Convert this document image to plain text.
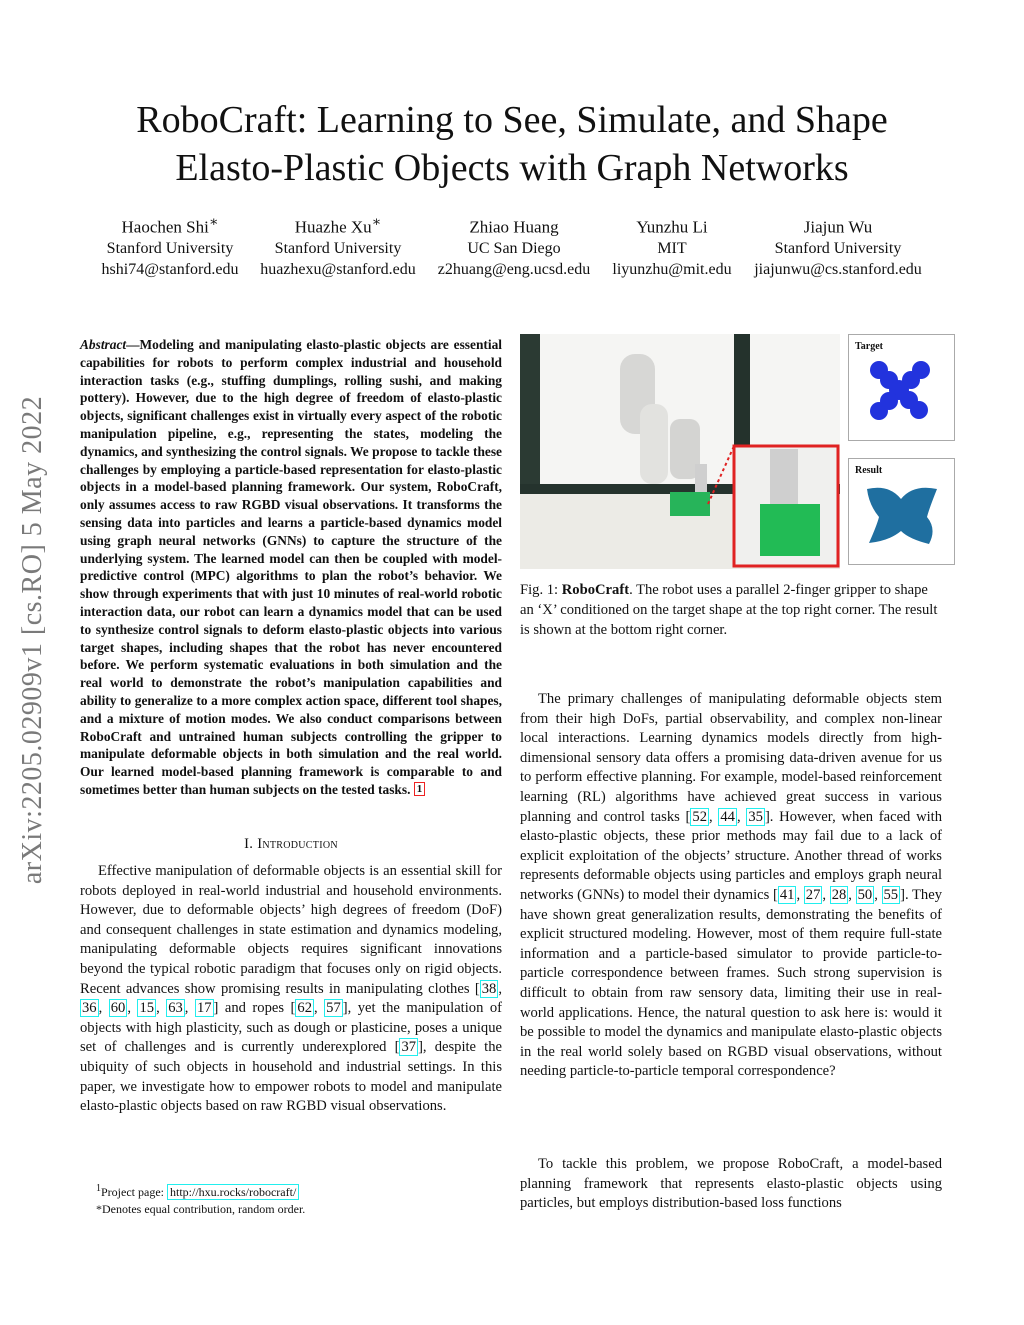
RoboCraft: Learning to See, Simulate, and Shape
Elasto-Plastic Objects with Graph Networks
Haochen Shi∗
Stanford University
hshi74@stanford.edu
Huazhe Xu∗
Stanford University
huazhexu@stanford.edu
Zhiao Huang
UC San Diego
z2huang@eng.ucsd.edu
Yunzhu Li
MIT
liyunzhu@mit.edu
Jiajun Wu
Stanford University
jiajunwu@cs.stanford.edu
arXiv:2205.02909v1 [cs.RO] 5 May 2022
Abstract—Modeling and manipulating elasto-plastic objects are essential capabilities for robots to perform complex industrial and household interaction tasks (e.g., stuffing dumplings, rolling sushi, and making pottery). However, due to the high degree of freedom of elasto-plastic objects, significant challenges exist in virtually every aspect of the robotic manipulation pipeline, e.g., representing the states, modeling the dynamics, and synthesizing the control signals. We propose to tackle these challenges by employing a particle-based representation for elasto-plastic objects in a model-based planning framework. Our system, RoboCraft, only assumes access to raw RGBD visual observations. It transforms the sensing data into particles and learns a particle-based dynamics model using graph neural networks (GNNs) to capture the structure of the underlying system. The learned model can then be coupled with model-predictive control (MPC) algorithms to plan the robot’s behavior. We show through experiments that with just 10 minutes of real-world robotic interaction data, our robot can learn a dynamics model that can be used to synthesize control signals to deform elasto-plastic objects into various target shapes, including shapes that the robot has never encountered before. We perform systematic evaluations in both simulation and the real world to demonstrate the robot’s manipulation capabilities and ability to generalize to a more complex action space, different tool shapes, and a mixture of motion modes. We also conduct comparisons between RoboCraft and untrained human subjects controlling the gripper to manipulate deformable objects in both simulation and the real world. Our learned model-based planning framework is comparable to and sometimes better than human subjects on the tested tasks. $^1$
I. Introduction
Effective manipulation of deformable objects is an essential skill for robots deployed in real-world industrial and household environments. However, due to deformable objects’ high degrees of freedom (DoF) and consequent challenges in state estimation and dynamics modeling, manipulating deformable objects requires significant innovations beyond the typical robotic paradigm that focuses only on rigid objects. Recent advances show promising results in manipulating clothes [ 38 , 36 , 60 , 15 , 63 , 17 ] and ropes [ 62 , 57 ], yet the manipulation of objects with high plasticity, such as dough or plasticine, poses a unique set of challenges and is currently underexplored [ 37 ], despite the ubiquity of such objects in household and industrial settings. In this paper, we investigate how to empower robots to model and manipulate elasto-plastic objects based on raw RGBD visual observations.
$^1$Project page: http://hxu.rocks/robocraft/
*Denotes equal contribution, random order.
Target
Result
Fig. 1: RoboCraft. The robot uses a parallel 2-finger gripper to shape an ‘X’ conditioned on the target shape at the top right corner. The result is shown at the bottom right corner.
The primary challenges of manipulating deformable objects stem from their high DoFs, partial observability, and complex non-linear local interactions. Learning dynamics models directly from high-dimensional sensory data offers a promising data-driven avenue for us to perform effective planning. For example, model-based reinforcement learning (RL) algorithms have achieved great success in various planning and control tasks [ 52 , 44 , 35 ]. However, when faced with elasto-plastic objects, these prior methods may fail due to a lack of explicit exploitation of the objects’ structure. Another thread of works represents deformable objects using particles and employs graph neural networks (GNNs) to model their dynamics [ 41 , 27 , 28 , 50 , 55 ]. They have shown great generalization results, demonstrating the benefits of explicit structured modeling. However, most of them require full-state information and a particle-based simulator to provide particle-to-particle correspondence between frames. Such strong supervision is difficult to obtain from raw sensory data, limiting their use in real-world applications. Hence, the natural question to ask here is: would it be possible to model the dynamics and manipulate elasto-plastic objects in the real world solely based on RGBD visual observations, without needing particle-to-particle temporal correspondence?
To tackle this problem, we propose RoboCraft, a model-based planning framework that represents elasto-plastic objects using particles, but employs distribution-based loss functions
